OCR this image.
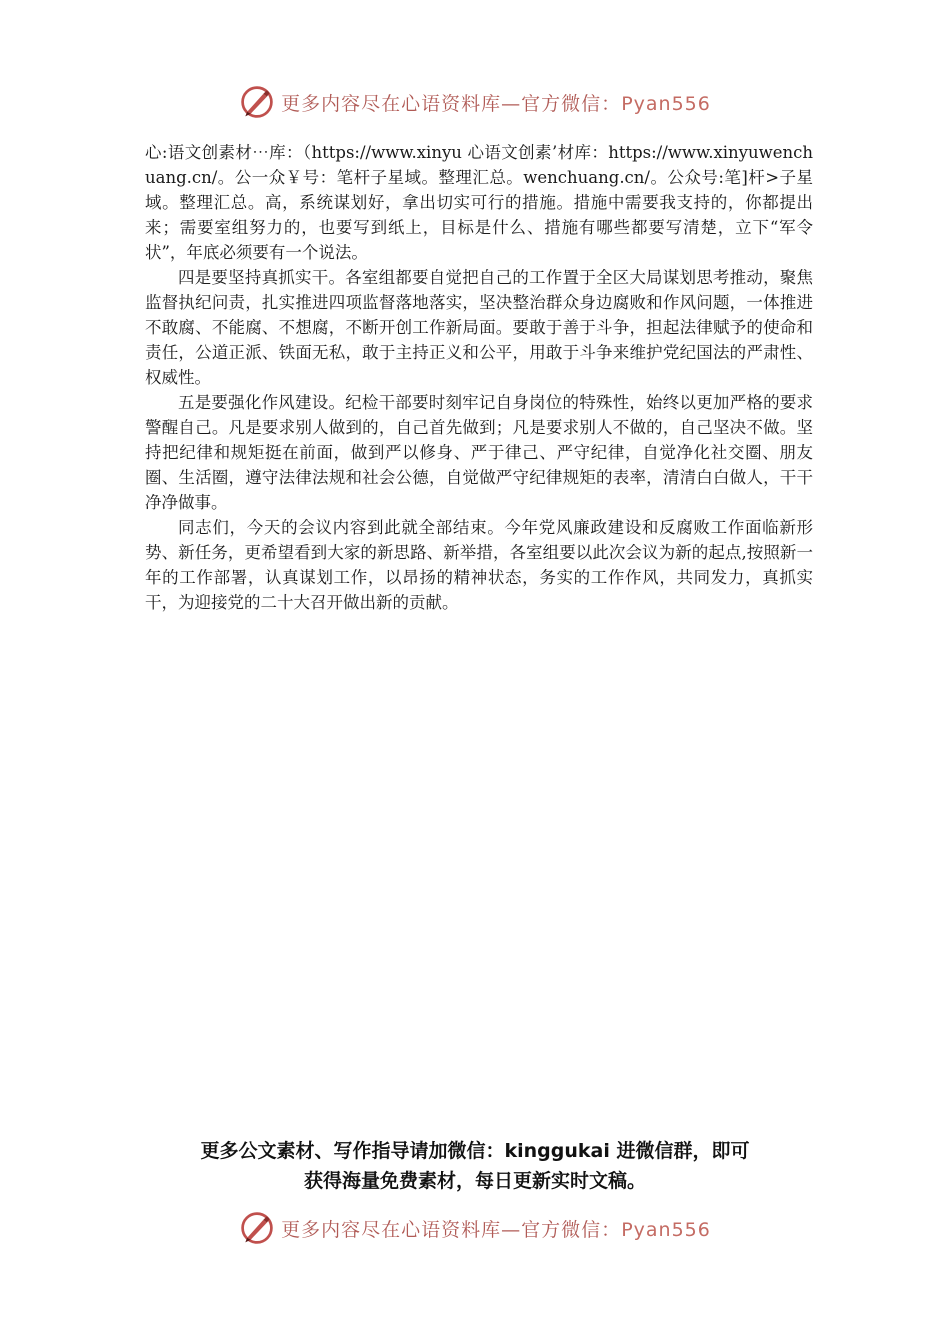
更多内容尽在心语资料库—官方微信：Pyan556

心:语文创素材⋯库：（https://www.xinyu 心语文创素’材库：https://www.xinyuwenchuang.cn/。公一众￥号：笔杆子星域。整理汇总。wenchuang.cn/。公众号:笔]杆>子星域。整理汇总。高，系统谋划好，拿出切实可行的措施。措施中需要我支持的，你都提出来；需要室组努力的，也要写到纸上，目标是什么、措施有哪些都要写清楚，立下“军令状”，年底必须要有一个说法。

四是要坚持真抓实干。各室组都要自觉把自己的工作置于全区大局谋划思考推动，聚焦监督执纪问责，扎实推进四项监督落地落实，坚决整治群众身边腐败和作风问题，一体推进不敢腐、不能腐、不想腐，不断开创工作新局面。要敢于善于斗争，担起法律赋予的使命和责任，公道正派、铁面无私，敢于主持正义和公平，用敢于斗争来维护党纪国法的严肃性、权威性。

五是要强化作风建设。纪检干部要时刻牢记自身岗位的特殊性，始终以更加严格的要求警醒自己。凡是要求别人做到的，自己首先做到；凡是要求别人不做的，自己坚决不做。坚持把纪律和规矩挺在前面，做到严以修身、严于律己、严守纪律，自觉净化社交圈、朋友圈、生活圈，遵守法律法规和社会公德，自觉做严守纪律规矩的表率，清清白白做人，干干净净做事。

同志们，今天的会议内容到此就全部结束。今年党风廉政建设和反腐败工作面临新形势、新任务，更希望看到大家的新思路、新举措，各室组要以此次会议为新的起点,按照新一年的工作部署，认真谋划工作，以昂扬的精神状态，务实的工作作风，共同发力，真抓实干，为迎接党的二十大召开做出新的贡献。

更多公文素材、写作指导请加微信：kinggukai 进微信群，即可
获得海量免费素材，每日更新实时文稿。
更多内容尽在心语资料库—官方微信：Pyan556
